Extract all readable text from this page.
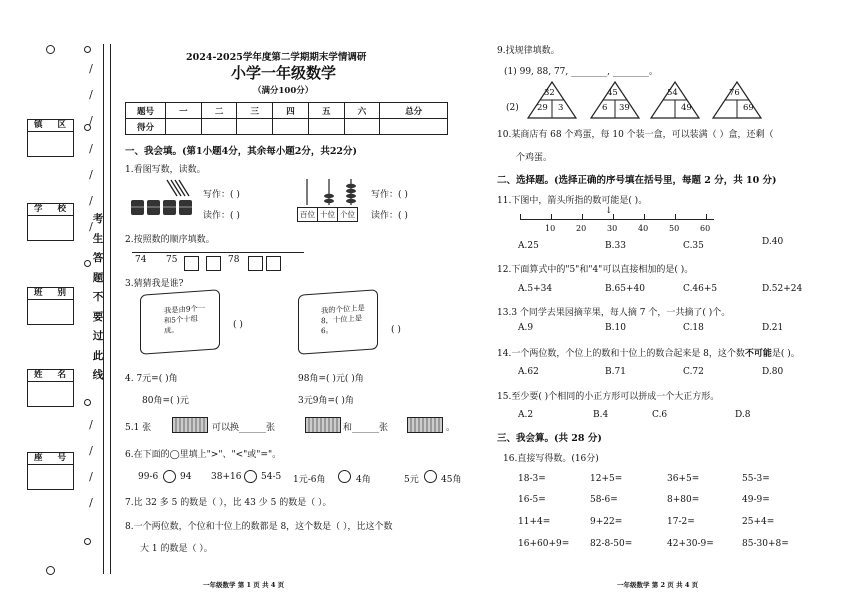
/
/
/
/
/
/
/
/
/
/
/
考
生
答
题
不
要
过
此
线
镇 区
学 校
班 别
姓 名
座 号
2024-2025学年度第二学期期末学情调研
小学一年级数学
（满分100分）
题号	一	二	三	四	五	六	总分
得分							
一、我会填。(第1小题4分，其余每小题2分，共22分)
1.看图写数，读数。
写作：( )
读作：( )	百位 十位 个位
写作：( )
读作：( )
2.按照数的顺序填数。
74 75	78
3.猜猜我是谁?
我是由9个一和5个十组成。
( )
我的个位上是8，十位上是6。	( )
4. 7元=( )角	98角=( )元( )角
80角=( )元	3元9角=( )角
5.1 张	可以换______张	和______张	。
6.在下面的◯里填上">"、"<"或"="。
99-6 94 38+16 54-5 1元-6角	4角	5元 45角
7.比 32 多 5 的数是（ ），比 43 少 5 的数是（ ）。
8.一个两位数，个位和十位上的数都是 8，这个数是（ ），比这个数
大 1 的数是（ ）。
一年级数学 第 1 页 共 4 页
9.找规律填数。
(1) 99, 88, 77, ________, ________。
(2)
32
29 3
45
6 39
54
49
76
69
10.某商店有 68 个鸡蛋，每 10 个装一盒，可以装满（ ）盒，还剩（
个鸡蛋。
二、选择题。(选择正确的序号填在括号里，每题 2 分，共 10 分)
11.下图中，箭头所指的数可能是( )。
↓
10	20	30	40	50	60
A.25	B.33	C.35	D.40
12.下面算式中的"5"和"4"可以直接相加的是( )。
A.5+34	B.65+40	C.46+5	D.52+24
13.3 个同学去果园摘苹果，每人摘 7 个，一共摘了( )个。
A.9	B.10	C.18	D.21
14.一个两位数，个位上的数和十位上的数合起来是 8，这个数不可能是( )。
A.62	B.71	C.72	D.80
15.至少要( )个相同的小正方形可以拼成一个大正方形。
A.2	B.4	C.6	D.8
三、我会算。(共 28 分)
16.直接写得数。(16分)
18-3=	12+5=	36+5=	55-3=
16-5=	58-6=	8+80=	49-9=
11+4=	9+22=	17-2=	25+4=
16+60+9= 82-8-50=	42+30-9=	85-30+8=
一年级数学 第 2 页 共 4 页
